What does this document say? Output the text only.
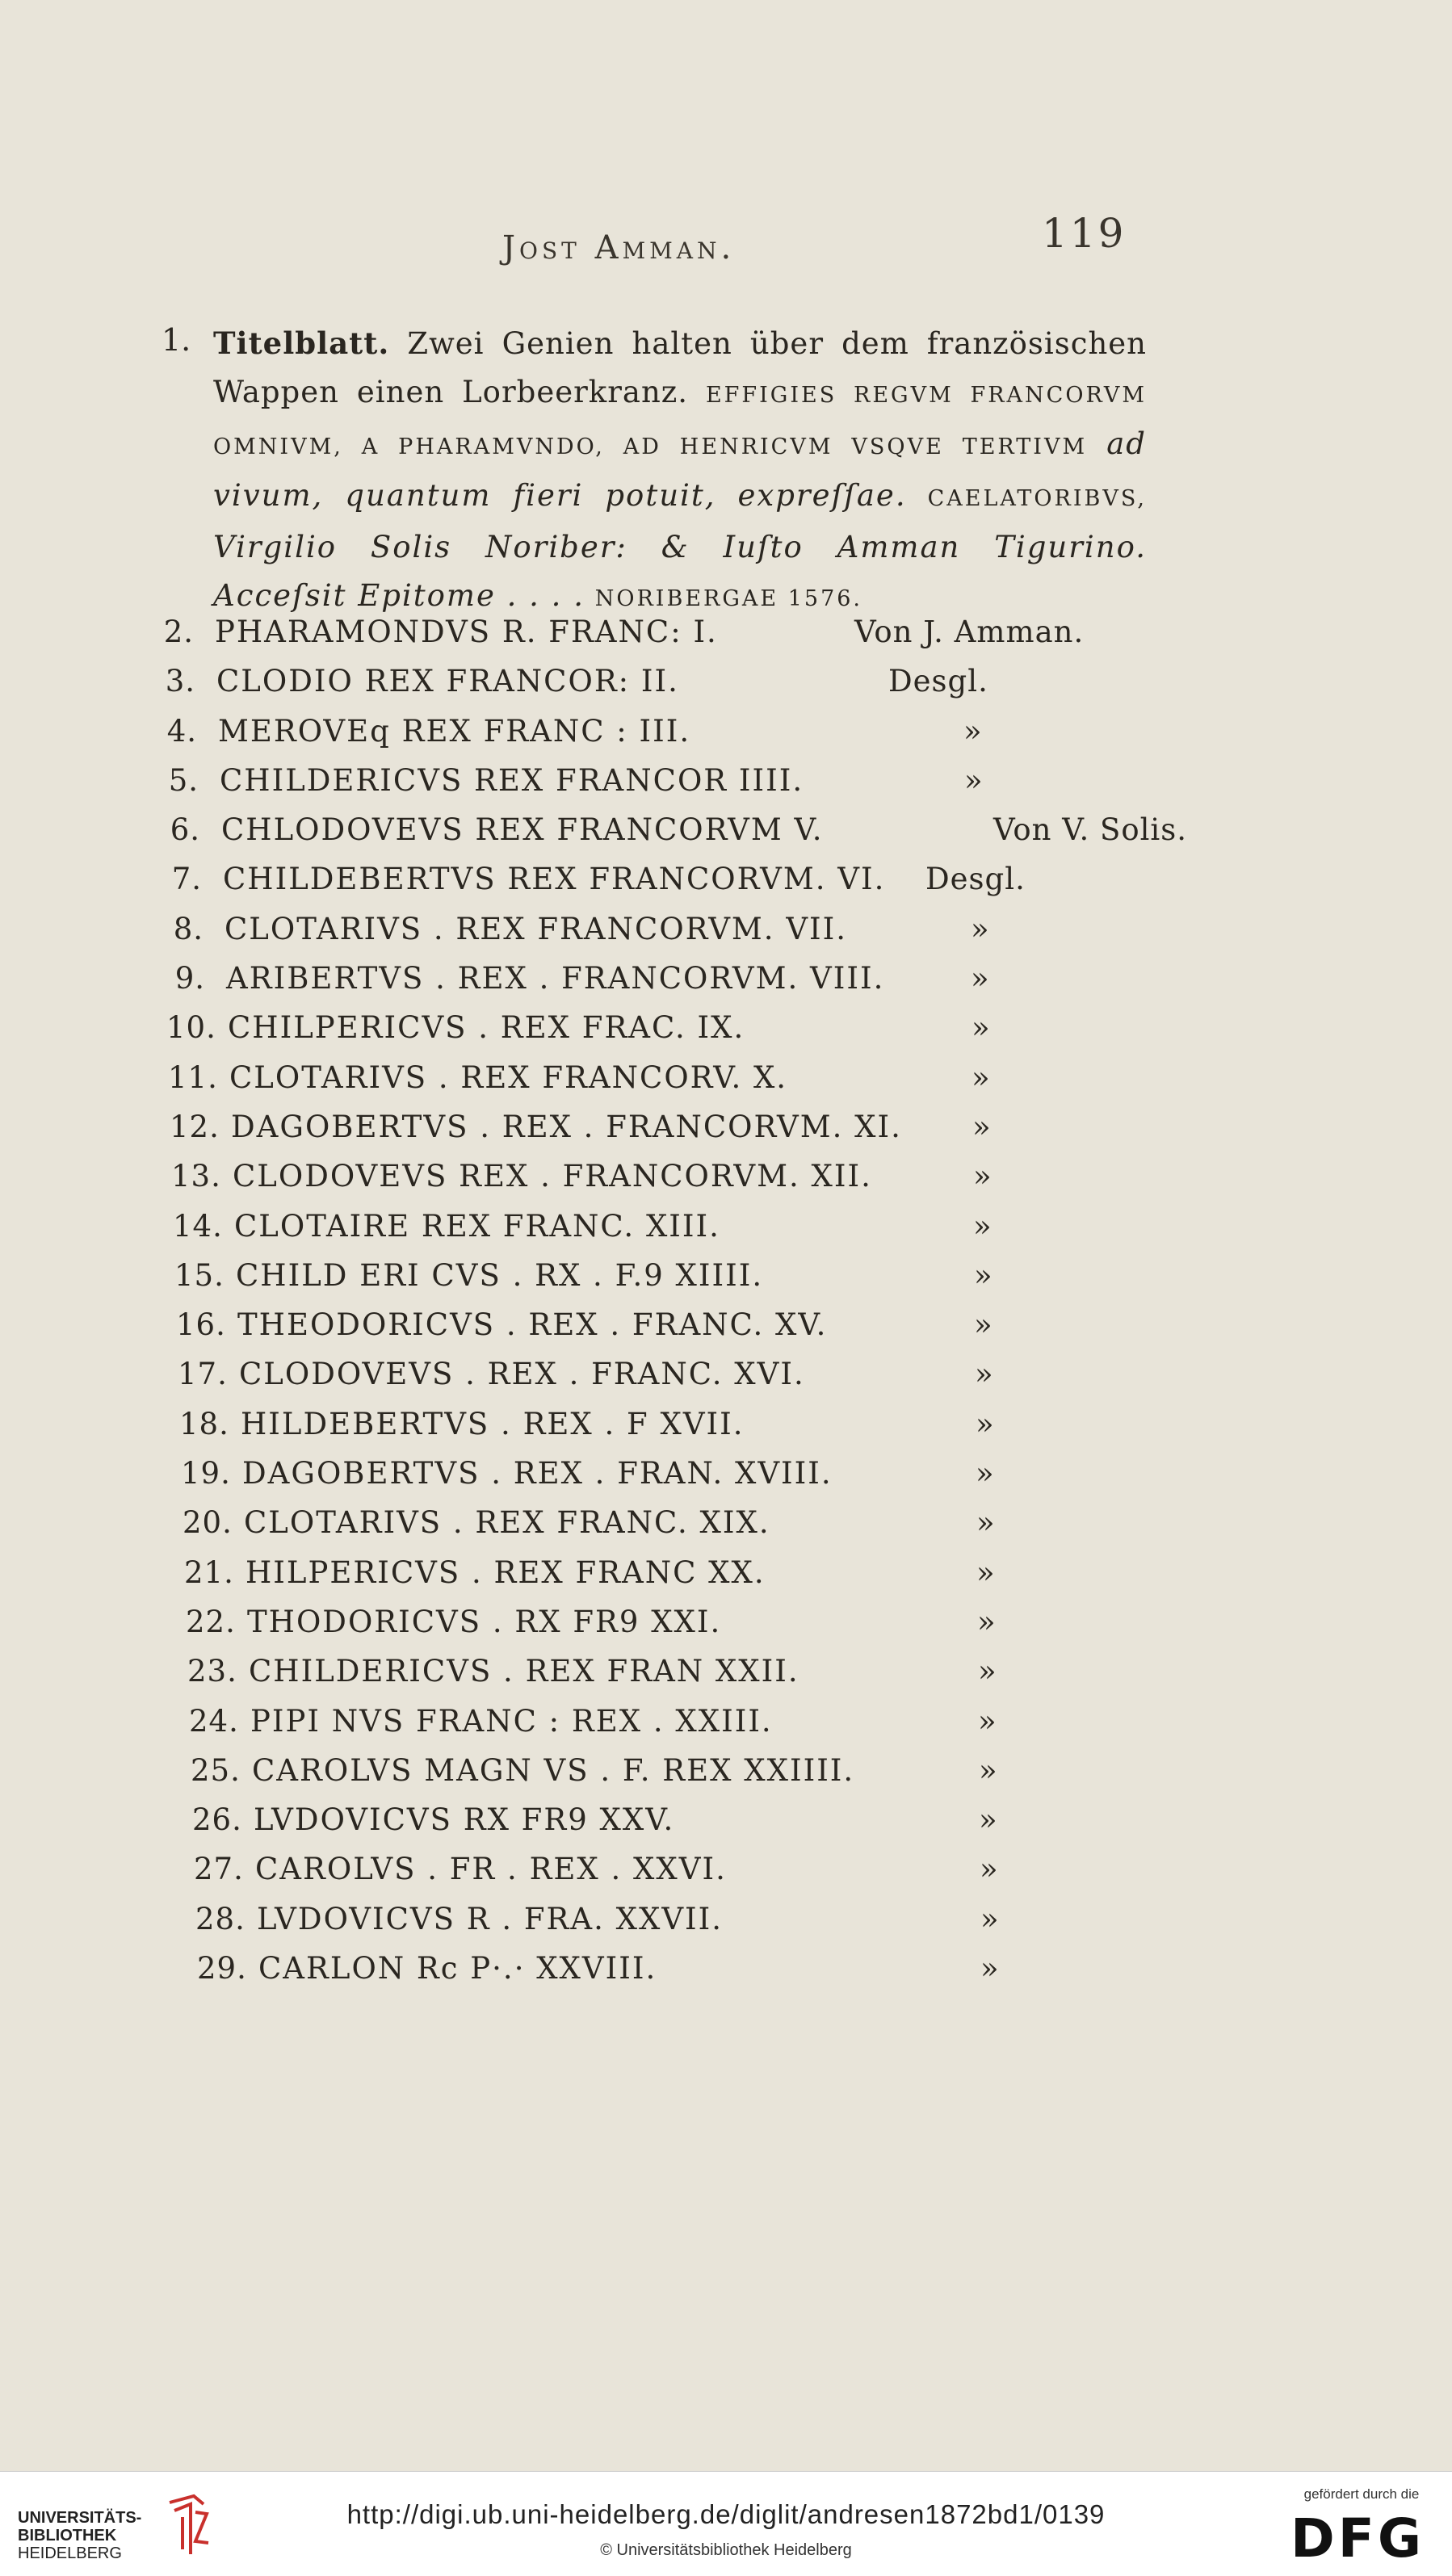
Jost Amman.	119
1. Titelblatt. Zwei Genien halten über dem französischen Wappen einen Lorbeerkranz. EFFIGIES REGVM FRANCORVM OMNIVM, A PHARAMVNDO, AD HENRICVM VSQVE TERTIVM ad vivum, quantum fieri potuit, expreſſae. CAELATORIBVS, Virgilio Solis Noriber: & Iuſto Amman Tigurino. Acceſsit Epitome . . . . NORIBERGAE 1576.
2. PHARAMONDVS R. FRANC: I.	Von J. Amman.
3. CLODIO REX FRANCOR: II.	Desgl.
4. MEROVEq REX FRANC : III.	»
5. CHILDERICVS REX FRANCOR IIII.	»
6. CHLODOVEVS REX FRANCORVM V.	Von V. Solis.
7. CHILDEBERTVS REX FRANCORVM. VI. Desgl.
8. CLOTARIVS . REX FRANCORVM. VII.	»
9. ARIBERTVS . REX . FRANCORVM. VIII.	»
10. CHILPERICVS . REX FRAC. IX.	»
11. CLOTARIVS . REX FRANCORV. X.	»
12. DAGOBERTVS . REX . FRANCORVM. XI. »
13. CLODOVEVS REX . FRANCORVM. XII.	»
14. CLOTAIRE REX FRANC. XIII.	»
15. CHILD ERI CVS . RX . F.9 XIIII.	»
16. THEODORICVS . REX . FRANC. XV.	»
17. CLODOVEVS . REX . FRANC. XVI.	»
18. HILDEBERTVS . REX . F XVII.	»
19. DAGOBERTVS . REX . FRAN. XVIII.	»
20. CLOTARIVS . REX FRANC. XIX.	»
21. HILPERICVS . REX FRANC XX.	»
22. THODORICVS . RX FR9 XXI.	»
23. CHILDERICVS . REX FRAN XXII.	»
24. PIPI NVS FRANC : REX . XXIII.	»
25. CAROLVS MAGN VS . F. REX XXIIII.	»
26. LVDOVICVS RX FR9 XXV.	»
27. CAROLVS . FR . REX . XXVI.	»
28. LVDOVICVS R . FRA. XXVII.	»
29. CARLON Rc P·.· XXVIII.	»
UNIVERSITÄTS-
BIBLIOTHEK
HEIDELBERG
http://digi.ub.uni-heidelberg.de/diglit/andresen1872bd1/0139
© Universitätsbibliothek Heidelberg
gefördert durch die
DFG
